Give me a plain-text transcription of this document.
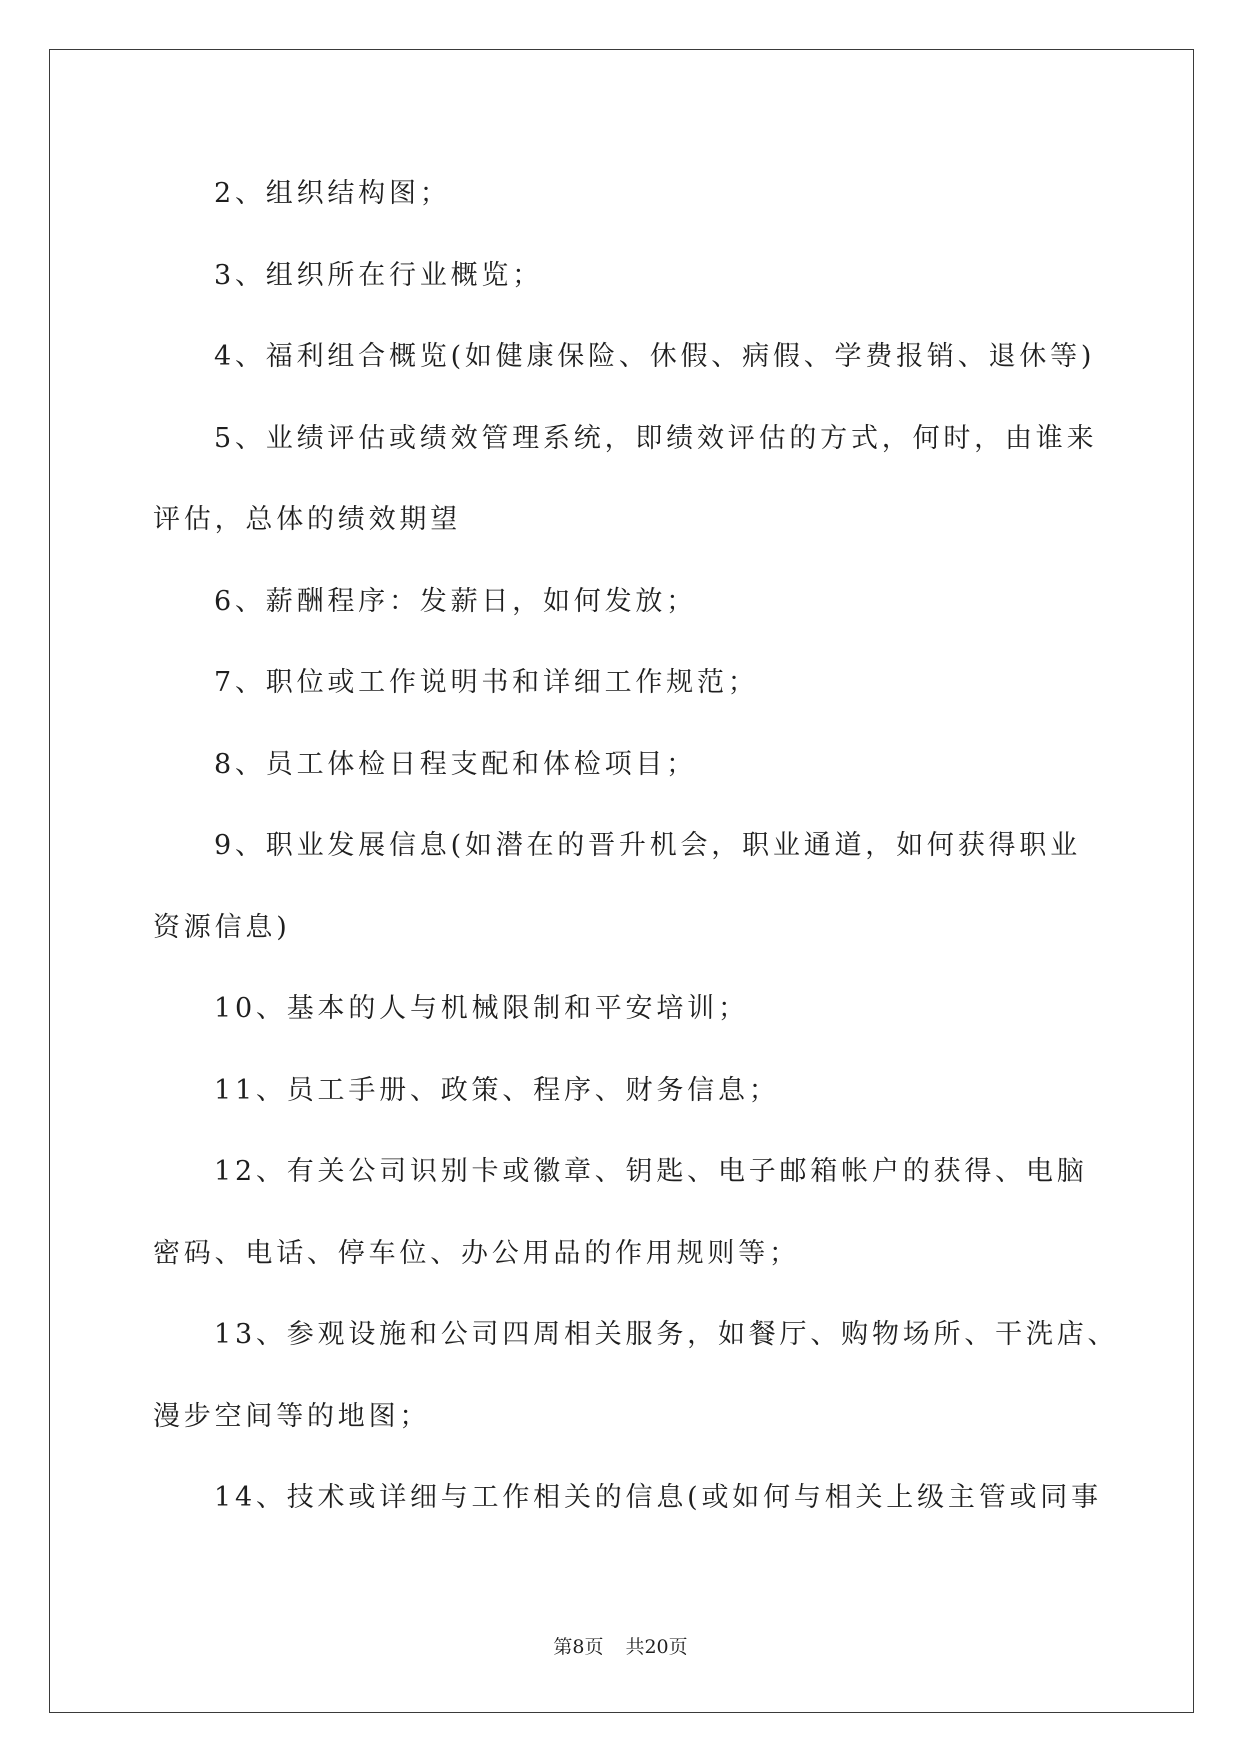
2、组织结构图；
3、组织所在行业概览；
4、福利组合概览(如健康保险、休假、病假、学费报销、退休等)
5、业绩评估或绩效管理系统，即绩效评估的方式，何时，由谁来
评估，总体的绩效期望
6、薪酬程序：发薪日，如何发放；
7、职位或工作说明书和详细工作规范；
8、员工体检日程支配和体检项目；
9、职业发展信息(如潜在的晋升机会，职业通道，如何获得职业
资源信息)
10、基本的人与机械限制和平安培训；
11、员工手册、政策、程序、财务信息；
12、有关公司识别卡或徽章、钥匙、电子邮箱帐户的获得、电脑
密码、电话、停车位、办公用品的作用规则等；
13、参观设施和公司四周相关服务，如餐厅、购物场所、干洗店、
漫步空间等的地图；
14、技术或详细与工作相关的信息(或如何与相关上级主管或同事
第8页 共20页
